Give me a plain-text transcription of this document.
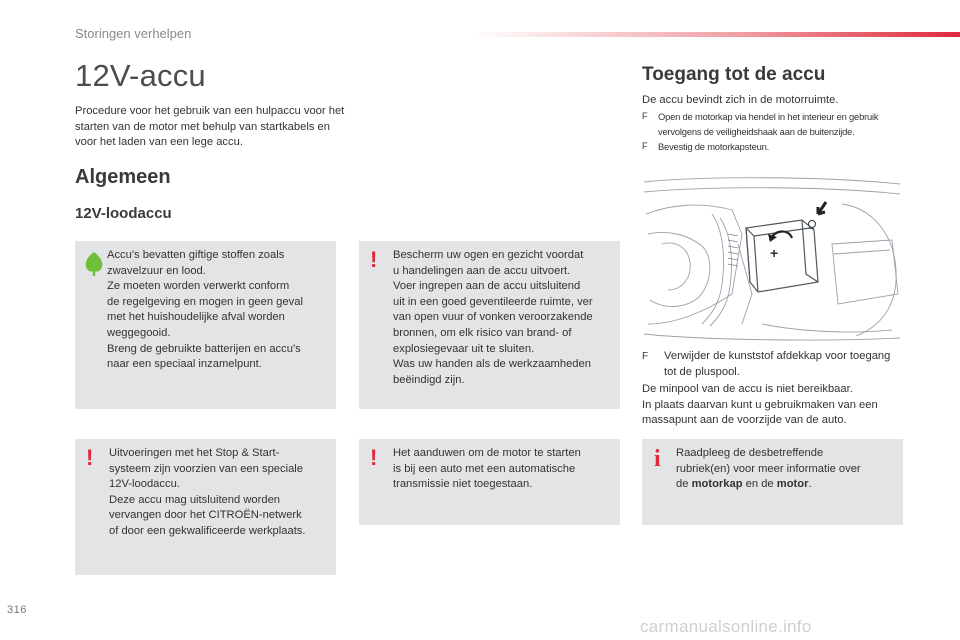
Storingen verhelpen
12V-accu
Procedure voor het gebruik van een hulpaccu voor het starten van de motor met behulp van startkabels en voor het laden van een lege accu.
Algemeen
12V-loodaccu
Accu's bevatten giftige stoffen zoals
zwavelzuur en lood.
Ze moeten worden verwerkt conform
de regelgeving en mogen in geen geval
met het huishoudelijke afval worden
weggegooid.
Breng de gebruikte batterijen en accu's
naar een speciaal inzamelpunt.
! Bescherm uw ogen en gezicht voordat
u handelingen aan de accu uitvoert.
Voer ingrepen aan de accu uitsluitend
uit in een goed geventileerde ruimte, ver
van open vuur of vonken veroorzakende
bronnen, om elk risico van brand- of
explosiegevaar uit te sluiten.
Was uw handen als de werkzaamheden
beëindigd zijn.
! Uitvoeringen met het Stop & Start-
systeem zijn voorzien van een speciale
12V-loodaccu.
Deze accu mag uitsluitend worden
vervangen door het CITROËN-netwerk
of door een gekwalificeerde werkplaats.
! Het aanduwen om de motor te starten
is bij een auto met een automatische
transmissie niet toegestaan.
i Raadpleeg de desbetreffende
rubriek(en) voor meer informatie over
de motorkap en de motor.
Toegang tot de accu
De accu bevindt zich in de motorruimte.
F Open de motorkap via hendel in het interieur en gebruik vervolgens de veiligheidshaak aan de buitenzijde.
F Bevestig de motorkapsteun.
+
−
F Verwijder de kunststof afdekkap voor toegang tot de pluspool.
De minpool van de accu is niet bereikbaar.
In plaats daarvan kunt u gebruikmaken van een massapunt aan de voorzijde van de auto.
316
carmanualsonline.info
